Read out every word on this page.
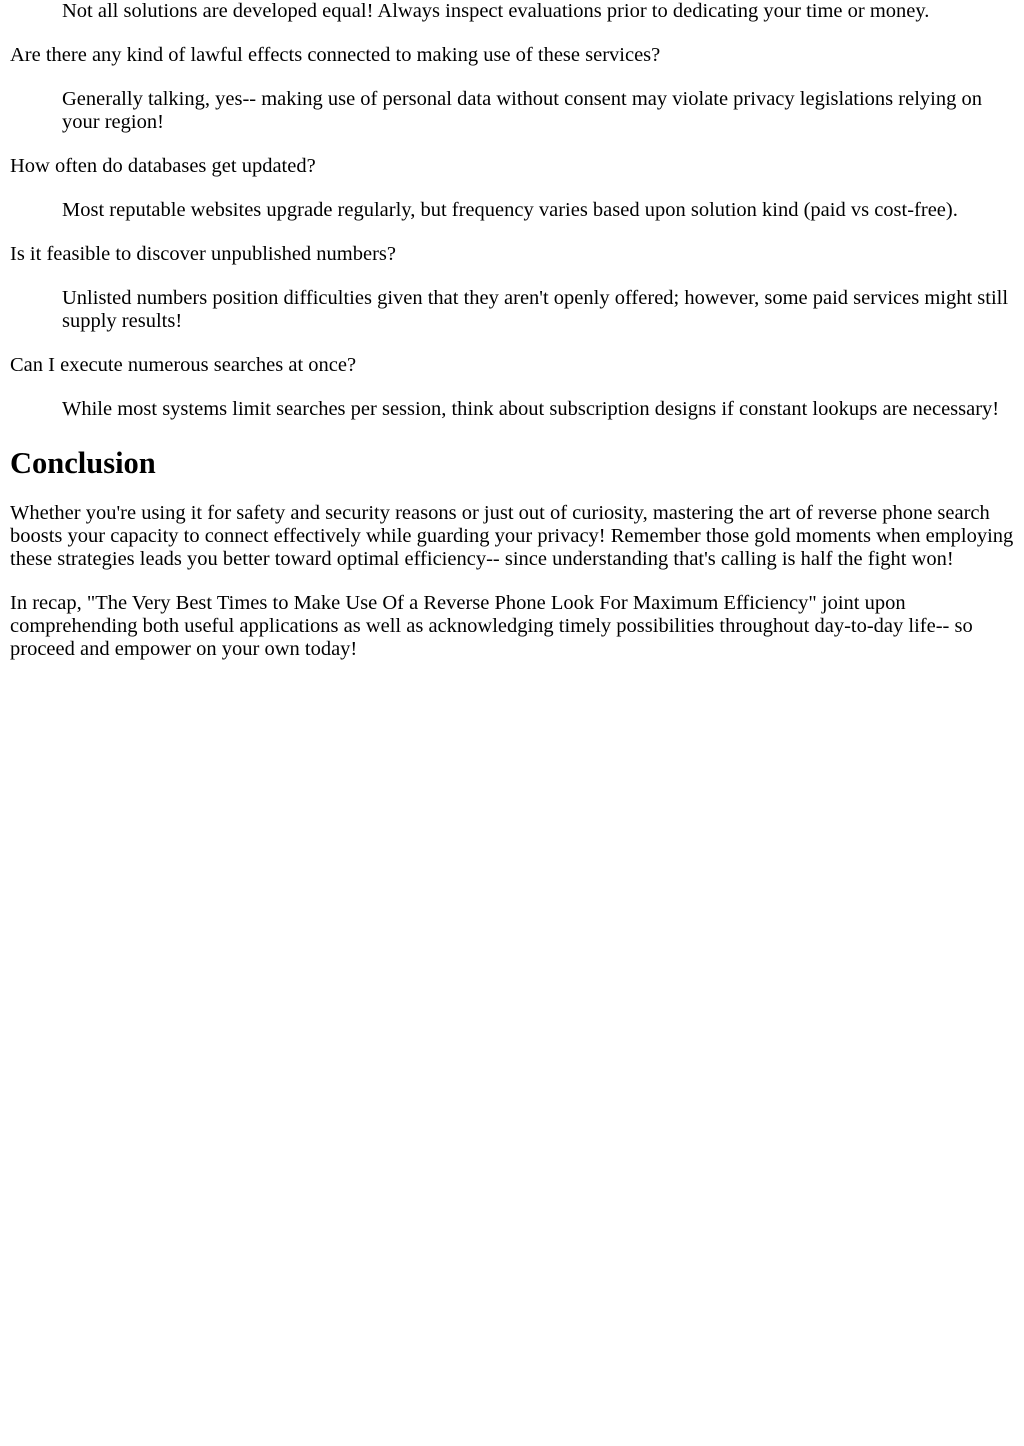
Not all solutions are developed equal! Always inspect evaluations prior to dedicating your time or money.
Are there any kind of lawful effects connected to making use of these services?
Generally talking, yes-- making use of personal data without consent may violate privacy legislations relying on your region!
How often do databases get updated?
Most reputable websites upgrade regularly, but frequency varies based upon solution kind (paid vs cost-free).
Is it feasible to discover unpublished numbers?
Unlisted numbers position difficulties given that they aren't openly offered; however, some paid services might still supply results!
Can I execute numerous searches at once?
While most systems limit searches per session, think about subscription designs if constant lookups are necessary!
Conclusion

Whether you're using it for safety and security reasons or just out of curiosity, mastering the art of reverse phone search boosts your capacity to connect effectively while guarding your privacy! Remember those gold moments when employing these strategies leads you better toward optimal efficiency-- since understanding that's calling is half the fight won!

In recap, "The Very Best Times to Make Use Of a Reverse Phone Look For Maximum Efficiency" joint upon comprehending both useful applications as well as acknowledging timely possibilities throughout day-to-day life-- so proceed and empower on your own today!
